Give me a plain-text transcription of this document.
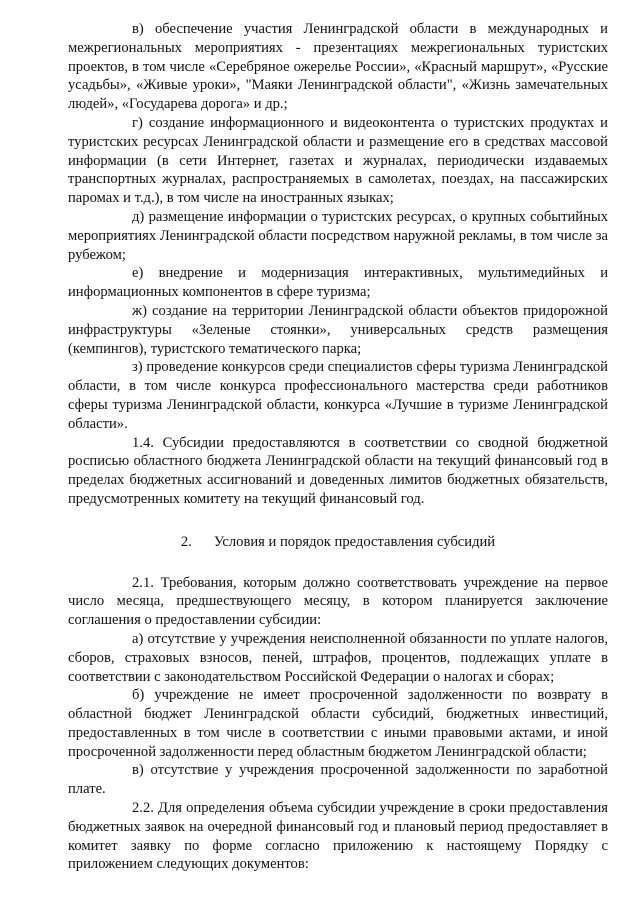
в) обеспечение участия Ленинградской области в международных и межрегиональных мероприятиях - презентациях межрегиональных туристских проектов, в том числе «Серебряное ожерелье России», «Красный маршрут», «Русские усадьбы», «Живые уроки», "Маяки Ленинградской области", «Жизнь замечательных людей», «Государева дорога» и др.;

г) создание информационного и видеоконтента о туристских продуктах и туристских ресурсах Ленинградской области и размещение его в средствах массовой информации (в сети Интернет, газетах и журналах, периодически издаваемых транспортных журналах, распространяемых в самолетах, поездах, на пассажирских паромах и т.д.), в том числе на иностранных языках;

д) размещение информации о туристских ресурсах, о крупных событийных мероприятиях Ленинградской области посредством наружной рекламы, в том числе за рубежом;

е) внедрение и модернизация интерактивных, мультимедийных и информационных компонентов в сфере туризма;

ж) создание на территории Ленинградской области объектов придорожной инфраструктуры «Зеленые стоянки», универсальных средств размещения (кемпингов), туристского тематического парка;

з) проведение конкурсов среди специалистов сферы туризма Ленинградской области, в том числе конкурса профессионального мастерства среди работников сферы туризма Ленинградской области, конкурса «Лучшие в туризме Ленинградской области».

1.4. Субсидии предоставляются в соответствии со сводной бюджетной росписью областного бюджета Ленинградской области на текущий финансовый год в пределах бюджетных ассигнований и доведенных лимитов бюджетных обязательств, предусмотренных комитету на текущий финансовый год.

2. Условия и порядок предоставления субсидий

2.1. Требования, которым должно соответствовать учреждение на первое число месяца, предшествующего месяцу, в котором планируется заключение соглашения о предоставлении субсидии:

а) отсутствие у учреждения неисполненной обязанности по уплате налогов, сборов, страховых взносов, пеней, штрафов, процентов, подлежащих уплате в соответствии с законодательством Российской Федерации о налогах и сборах;

б) учреждение не имеет просроченной задолженности по возврату в областной бюджет Ленинградской области субсидий, бюджетных инвестиций, предоставленных в том числе в соответствии с иными правовыми актами, и иной просроченной задолженности перед областным бюджетом Ленинградской области;

в) отсутствие у учреждения просроченной задолженности по заработной плате.

2.2. Для определения объема субсидии учреждение в сроки предоставления бюджетных заявок на очередной финансовый год и плановый период предоставляет в комитет заявку по форме согласно приложению к настоящему Порядку с приложением следующих документов:
